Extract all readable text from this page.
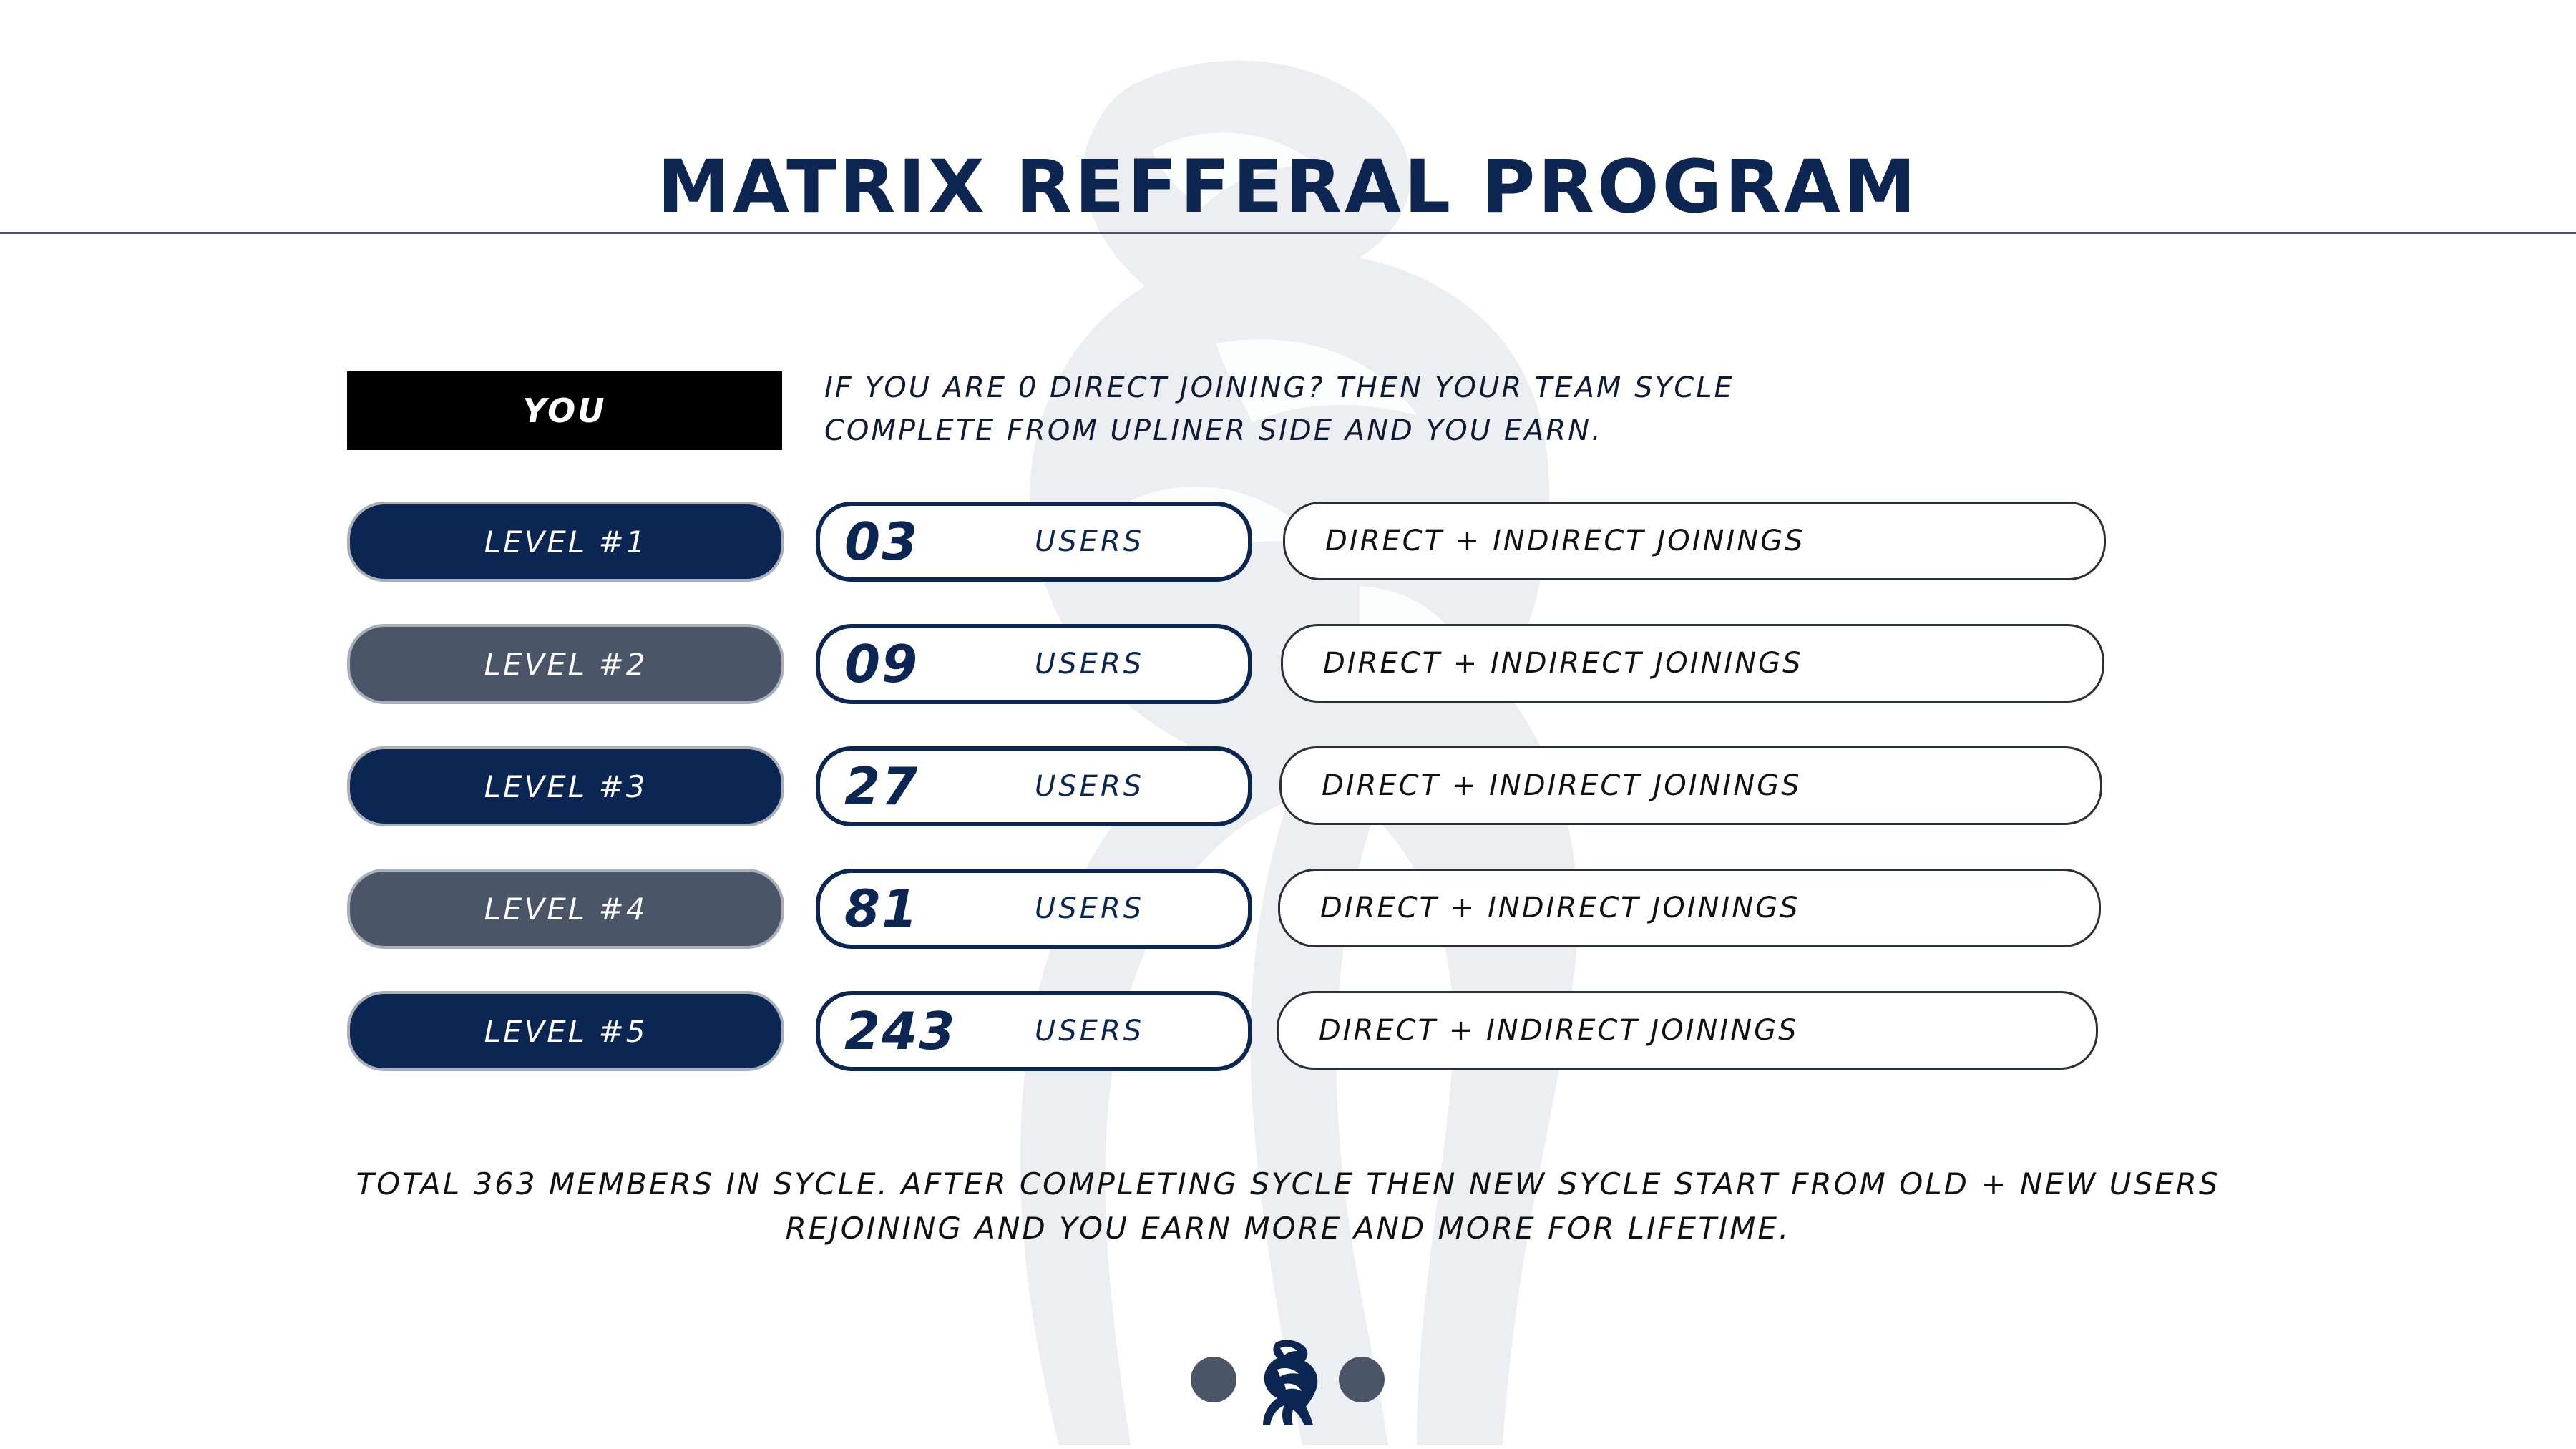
MATRIX REFFERAL PROGRAM
YOU
IF YOU ARE 0 DIRECT JOINING? THEN YOUR TEAM SYCLE
COMPLETE FROM UPLINER SIDE AND YOU EARN.
LEVEL #1	03	USERS	DIRECT + INDIRECT JOININGS
LEVEL #2	09	USERS	DIRECT + INDIRECT JOININGS
LEVEL #3	27	USERS	DIRECT + INDIRECT JOININGS
LEVEL #4	81	USERS	DIRECT + INDIRECT JOININGS
LEVEL #5	243	USERS	DIRECT + INDIRECT JOININGS
TOTAL 363 MEMBERS IN SYCLE. AFTER COMPLETING SYCLE THEN NEW SYCLE START FROM OLD + NEW USERS
REJOINING AND YOU EARN MORE AND MORE FOR LIFETIME.
